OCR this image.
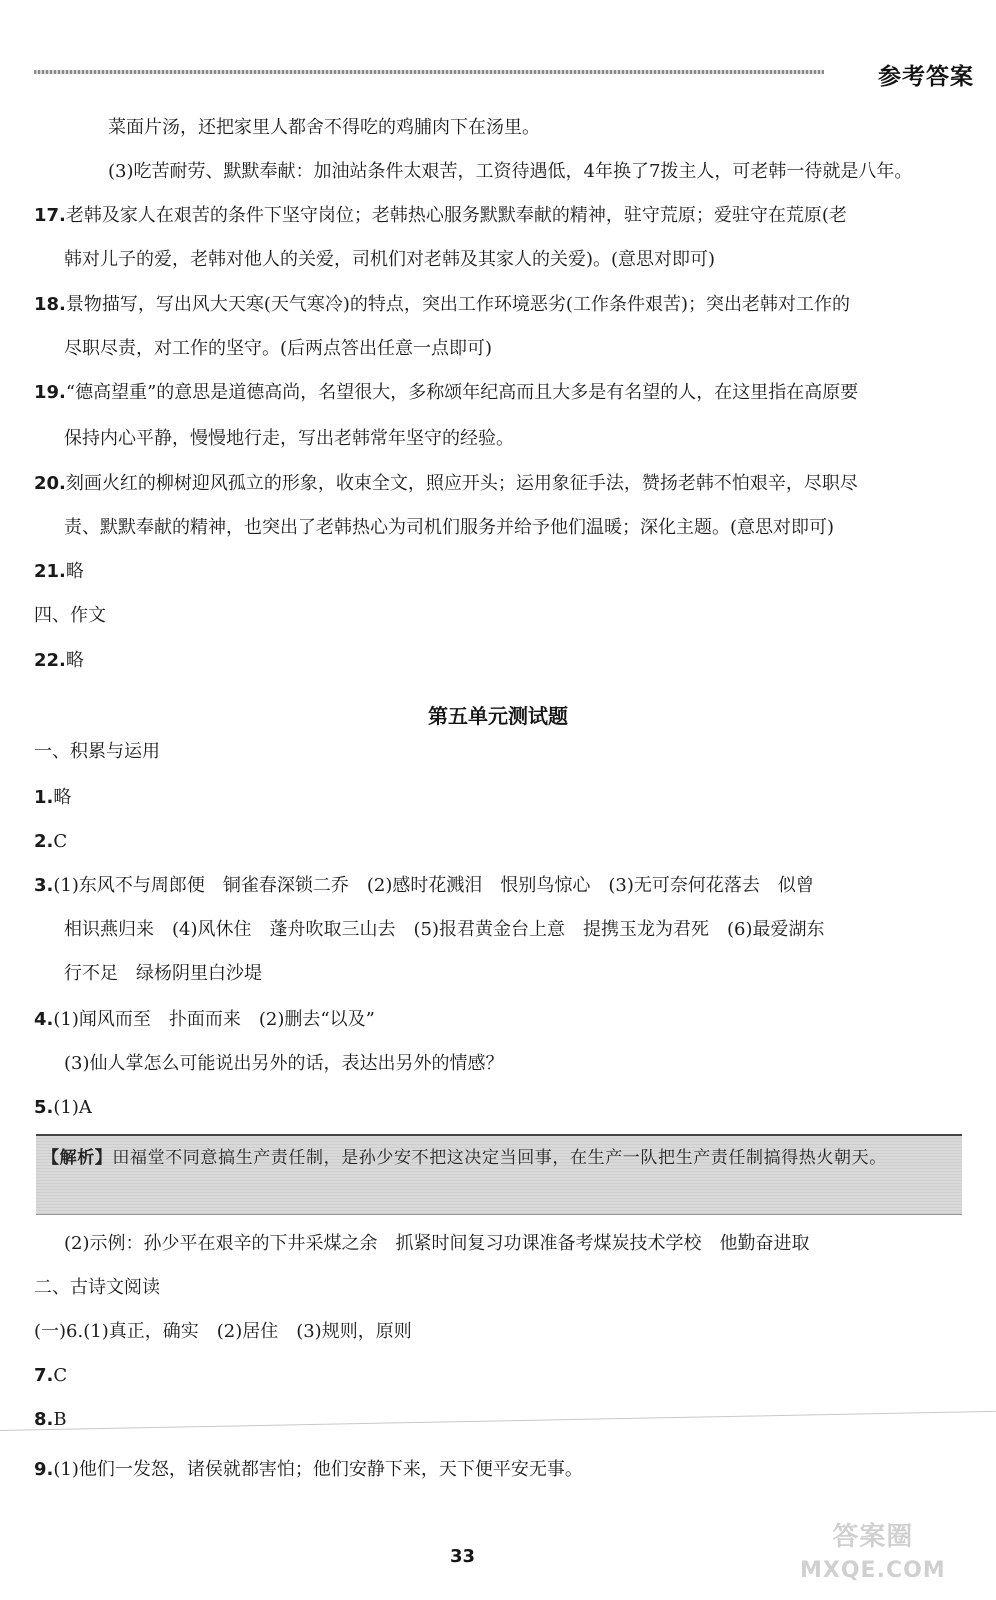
参考答案
菜面片汤，还把家里人都舍不得吃的鸡脯肉下在汤里。
(3)吃苦耐劳、默默奉献：加油站条件太艰苦，工资待遇低，4年换了7拨主人，可老韩一待就是八年。
17.老韩及家人在艰苦的条件下坚守岗位；老韩热心服务默默奉献的精神，驻守荒原；爱驻守在荒原(老
韩对儿子的爱，老韩对他人的关爱，司机们对老韩及其家人的关爱)。(意思对即可)
18.景物描写，写出风大天寒(天气寒冷)的特点，突出工作环境恶劣(工作条件艰苦)；突出老韩对工作的
尽职尽责，对工作的坚守。(后两点答出任意一点即可)
19.“德高望重”的意思是道德高尚，名望很大，多称颂年纪高而且大多是有名望的人，在这里指在高原要
保持内心平静，慢慢地行走，写出老韩常年坚守的经验。
20.刻画火红的柳树迎风孤立的形象，收束全文，照应开头；运用象征手法，赞扬老韩不怕艰辛，尽职尽
责、默默奉献的精神，也突出了老韩热心为司机们服务并给予他们温暖；深化主题。(意思对即可)
21.略
四、作文
22.略
第五单元测试题
一、积累与运用
1.略
2.C
3.(1)东风不与周郎便　铜雀春深锁二乔　(2)感时花溅泪　恨别鸟惊心　(3)无可奈何花落去　似曾
相识燕归来　(4)风休住　蓬舟吹取三山去　(5)报君黄金台上意　提携玉龙为君死　(6)最爱湖东
行不足　绿杨阴里白沙堤
4.(1)闻风而至　扑面而来　(2)删去“以及”
(3)仙人掌怎么可能说出另外的话，表达出另外的情感？
5.(1)A
【解析】田福堂不同意搞生产责任制，是孙少安不把这决定当回事，在生产一队把生产责任制搞得热火朝天。
(2)示例：孙少平在艰辛的下井采煤之余　抓紧时间复习功课准备考煤炭技术学校　他勤奋进取
二、古诗文阅读
(一)6.(1)真正，确实　(2)居住　(3)规则，原则
7.C
8.B
9.(1)他们一发怒，诸侯就都害怕；他们安静下来，天下便平安无事。
33
答案圈
MXQE.COM
